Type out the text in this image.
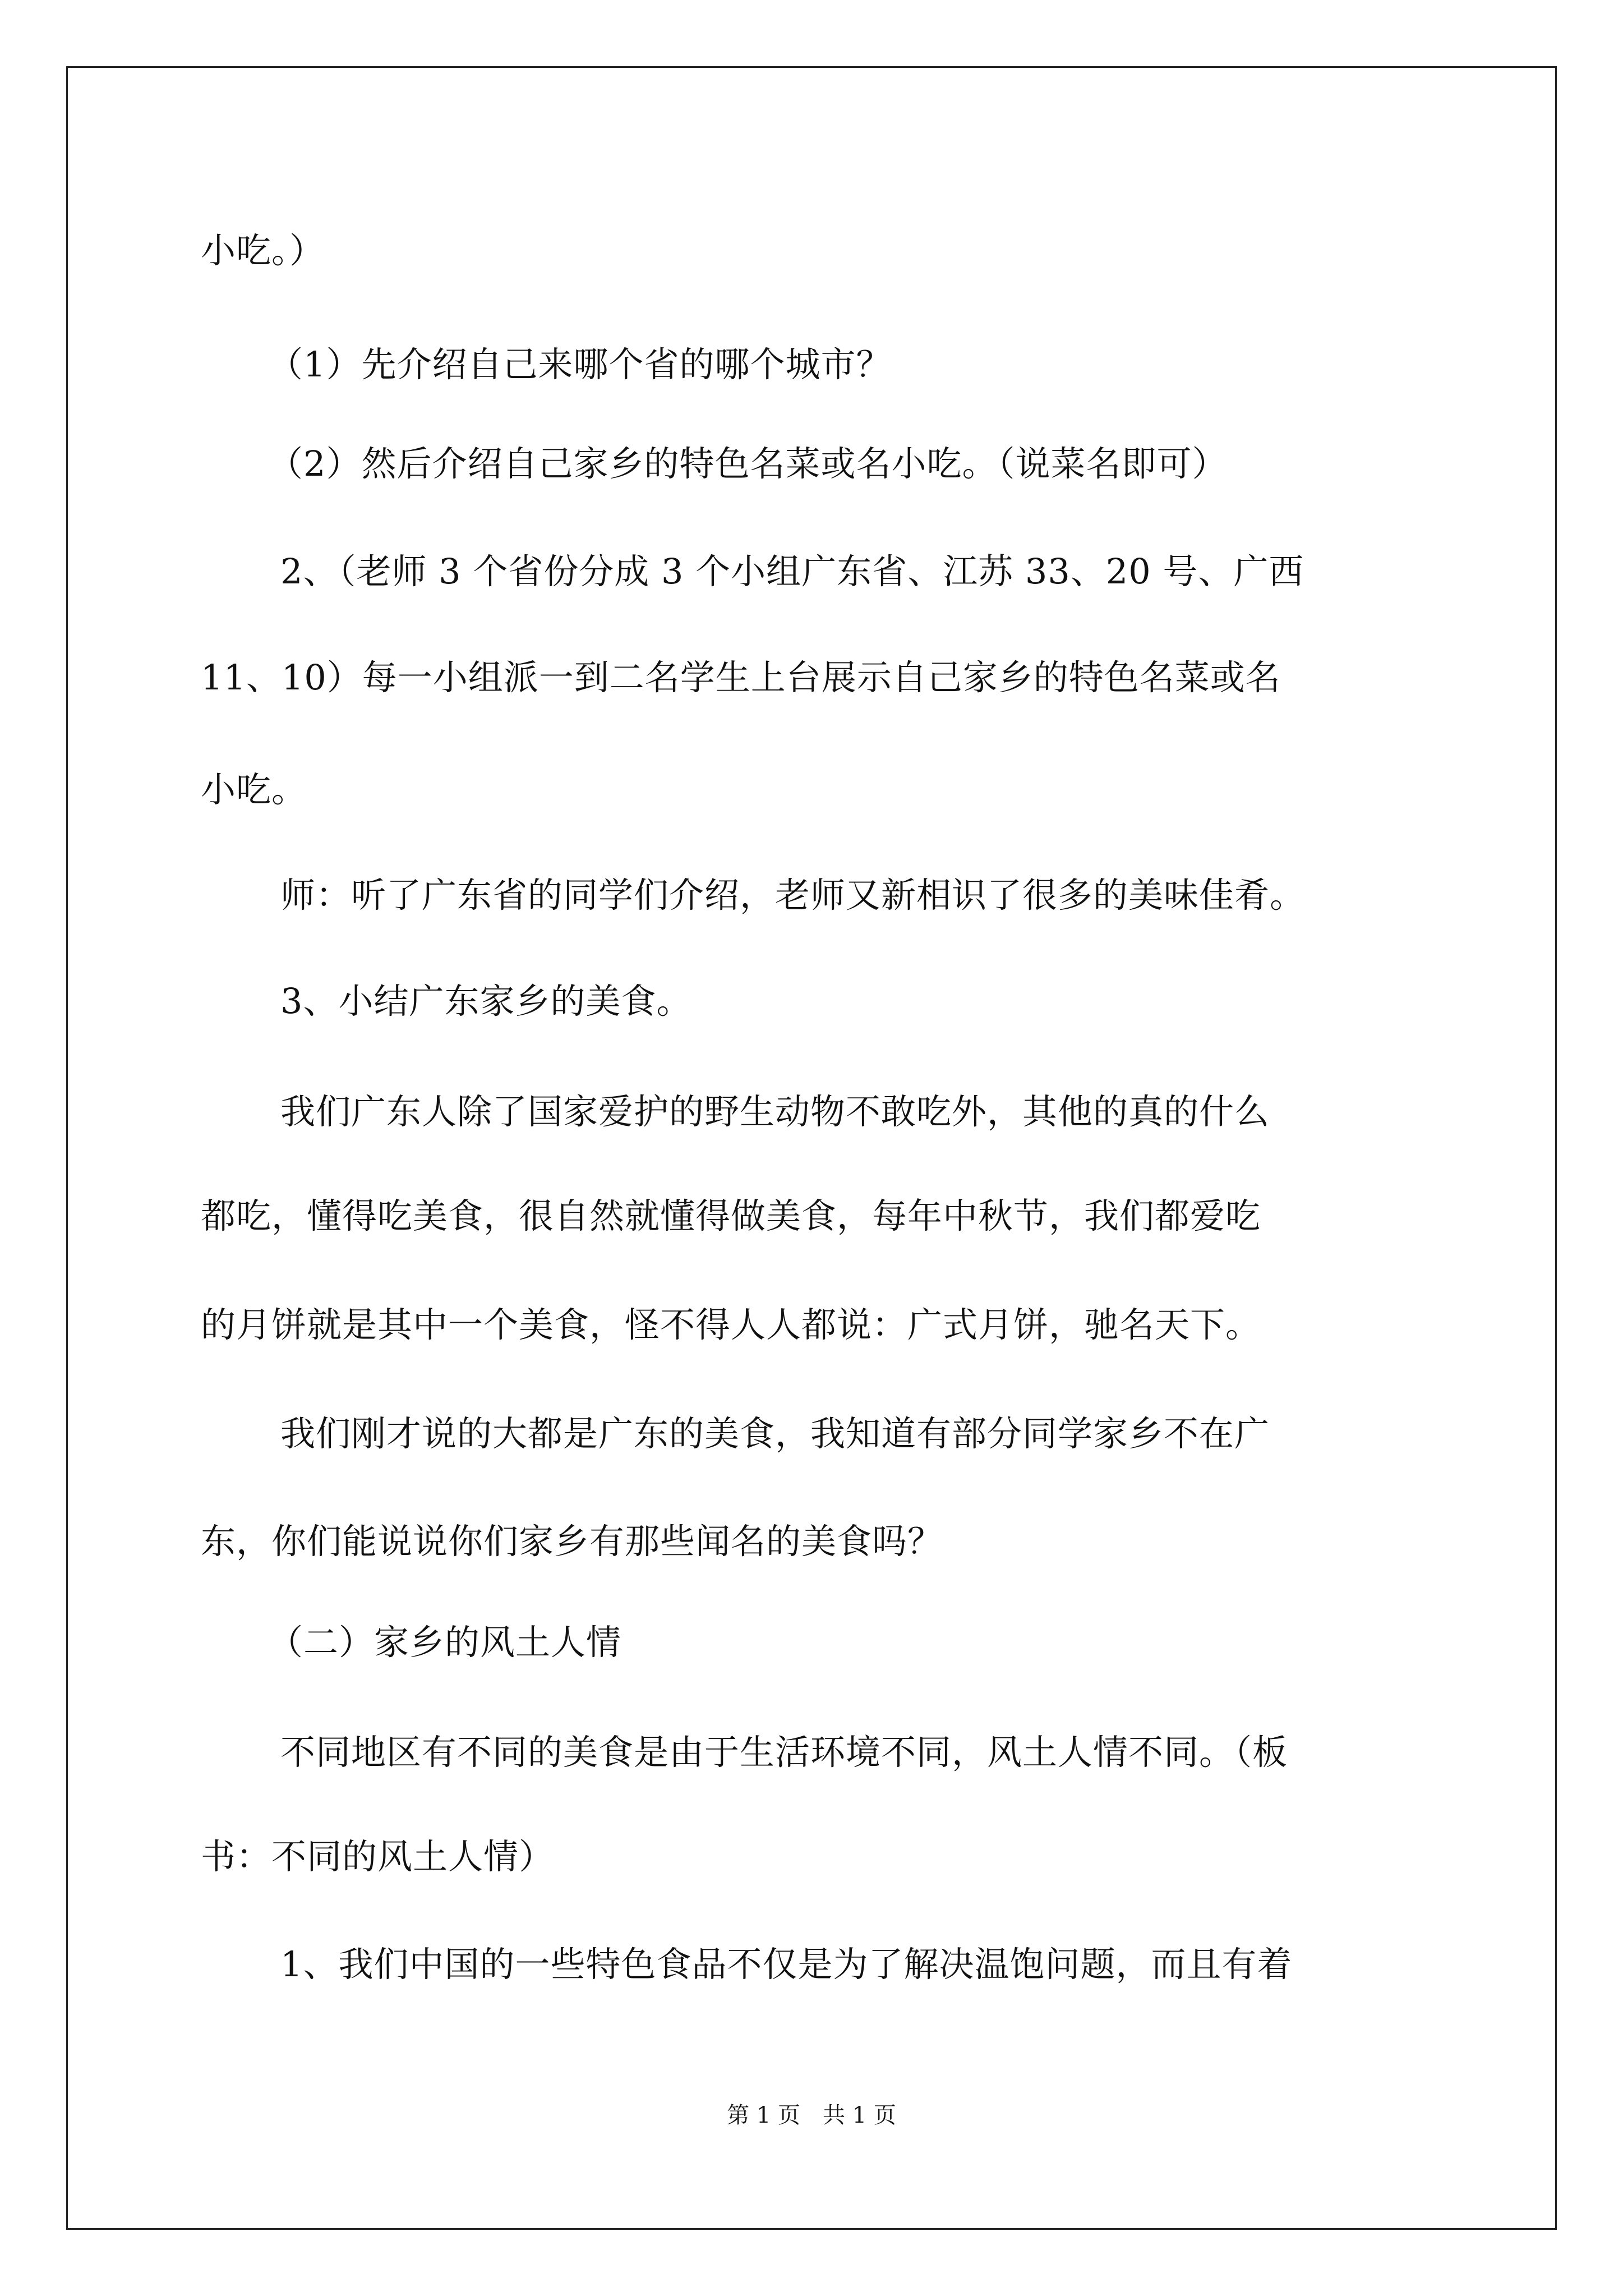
小吃。）
（1）先介绍自己来哪个省的哪个城市？
（2）然后介绍自己家乡的特色名菜或名小吃。（说菜名即可）
2、（老师 3 个省份分成 3 个小组广东省、江苏 33、20 号、广西
11、10）每一小组派一到二名学生上台展示自己家乡的特色名菜或名
小吃。
师：听了广东省的同学们介绍，老师又新相识了很多的美味佳肴。
3、小结广东家乡的美食。
我们广东人除了国家爱护的野生动物不敢吃外，其他的真的什么
都吃，懂得吃美食，很自然就懂得做美食，每年中秋节，我们都爱吃
的月饼就是其中一个美食，怪不得人人都说：广式月饼，驰名天下。
我们刚才说的大都是广东的美食，我知道有部分同学家乡不在广
东，你们能说说你们家乡有那些闻名的美食吗？
（二）家乡的风土人情
不同地区有不同的美食是由于生活环境不同，风土人情不同。（板
书：不同的风土人情）
1、我们中国的一些特色食品不仅是为了解决温饱问题，而且有着
第 1 页　共 1 页
